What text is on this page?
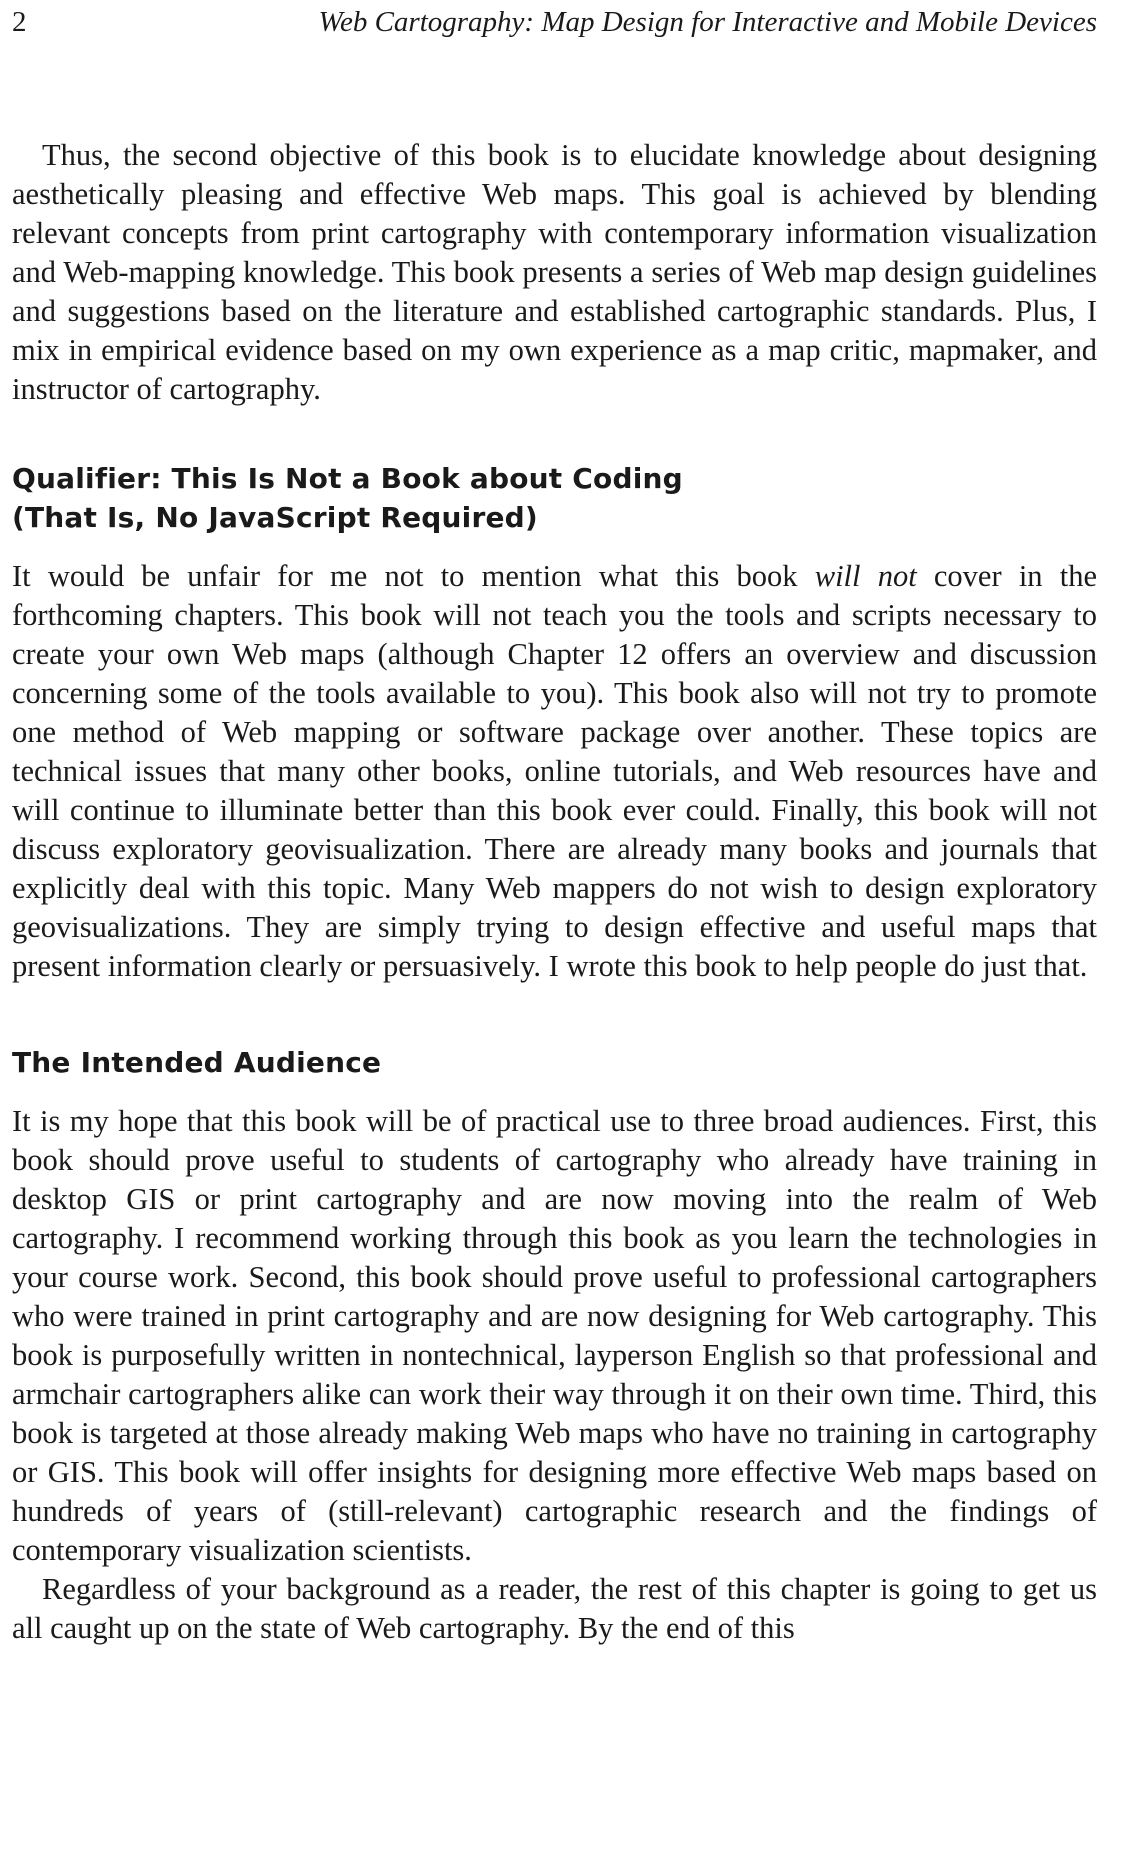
2	Web Cartography: Map Design for Interactive and Mobile Devices

Thus, the second objective of this book is to elucidate knowledge about designing aesthetically pleasing and effective Web maps. This goal is achieved by blending relevant concepts from print cartography with contemporary information visualization and Web-mapping knowledge. This book presents a series of Web map design guidelines and suggestions based on the literature and established cartographic standards. Plus, I mix in empirical evidence based on my own experience as a map critic, mapmaker, and instructor of cartography.

Qualifier: This Is Not a Book about Coding
(That Is, No JavaScript Required)

It would be unfair for me not to mention what this book will not cover in the forthcoming chapters. This book will not teach you the tools and scripts necessary to create your own Web maps (although Chapter 12 offers an overview and discussion concerning some of the tools available to you). This book also will not try to promote one method of Web mapping or software package over another. These topics are technical issues that many other books, online tutorials, and Web resources have and will continue to illuminate better than this book ever could. Finally, this book will not discuss exploratory geovisualization. There are already many books and journals that explicitly deal with this topic. Many Web mappers do not wish to design exploratory geovisualizations. They are simply trying to design effective and useful maps that present information clearly or persuasively. I wrote this book to help people do just that.

The Intended Audience

It is my hope that this book will be of practical use to three broad audiences. First, this book should prove useful to students of cartography who already have training in desktop GIS or print cartography and are now moving into the realm of Web cartography. I recommend working through this book as you learn the technologies in your course work. Second, this book should prove useful to professional cartographers who were trained in print cartography and are now designing for Web cartography. This book is purposefully written in nontechnical, layperson English so that professional and armchair cartographers alike can work their way through it on their own time. Third, this book is targeted at those already making Web maps who have no training in cartography or GIS. This book will offer insights for designing more effective Web maps based on hundreds of years of (still-relevant) cartographic research and the findings of contemporary visualization scientists.

Regardless of your background as a reader, the rest of this chapter is going to get us all caught up on the state of Web cartography. By the end of this
